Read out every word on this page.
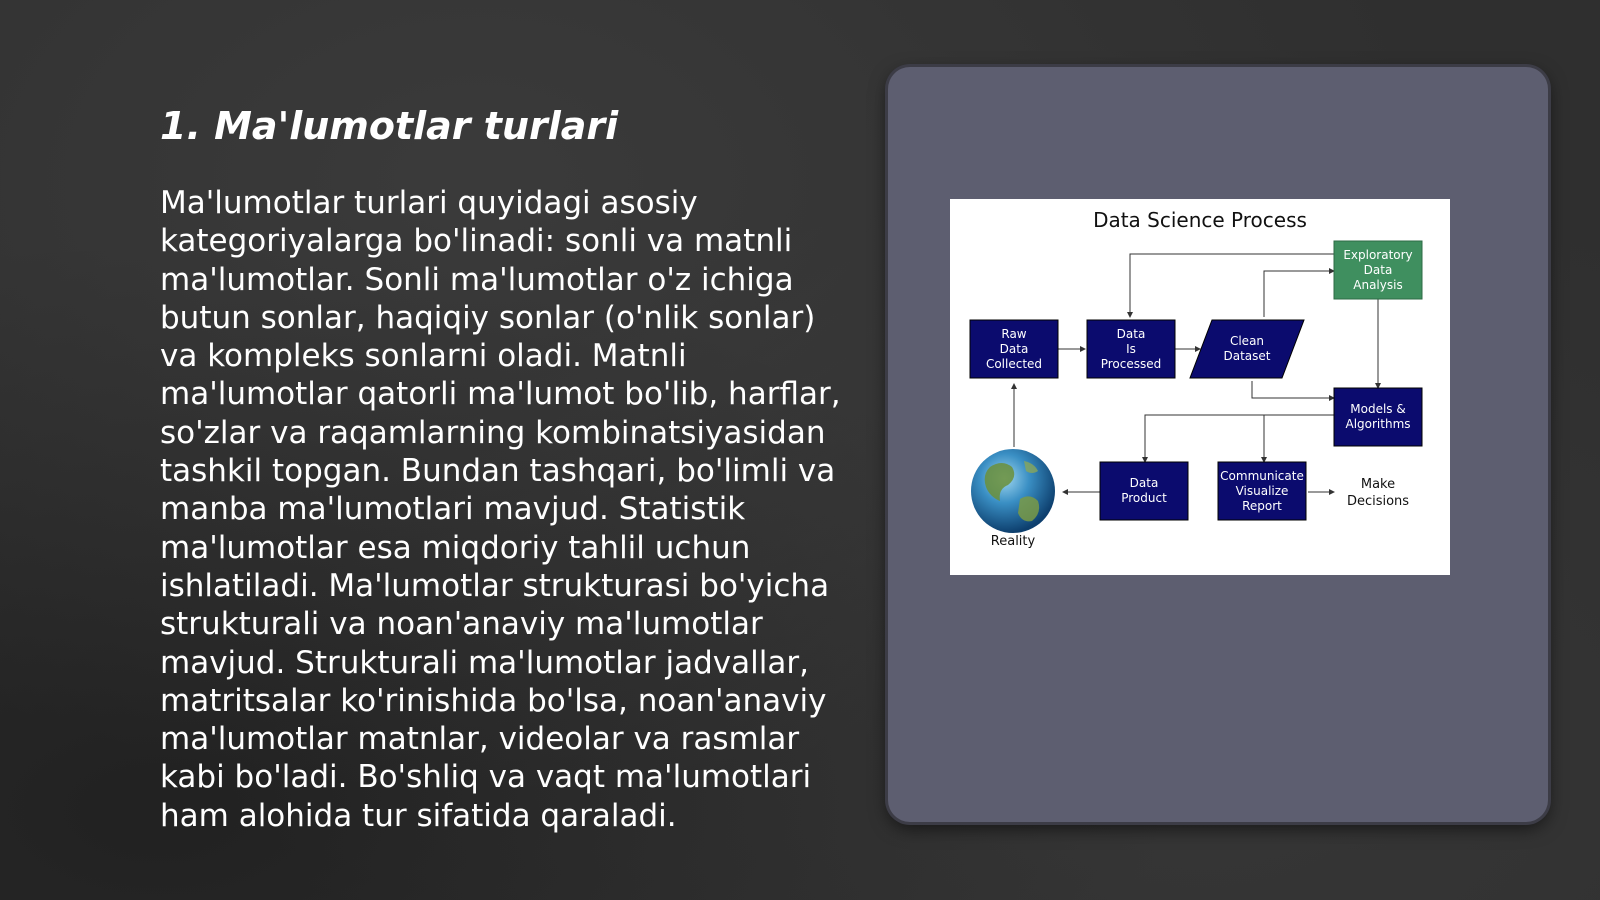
1. Ma'lumotlar turlari

Ma'lumotlar turlari quyidagi asosiy kategoriyalarga bo'linadi: sonli va matnli ma'lumotlar. Sonli ma'lumotlar o'z ichiga butun sonlar, haqiqiy sonlar (o'nlik sonlar) va kompleks sonlarni oladi. Matnli ma'lumotlar qatorli ma'lumot bo'lib, harflar, so'zlar va raqamlarning kombinatsiyasidan tashkil topgan. Bundan tashqari, bo'limli va manba ma'lumotlari mavjud. Statistik ma'lumotlar esa miqdoriy tahlil uchun ishlatiladi. Ma'lumotlar strukturasi bo'yicha strukturali va noan'anaviy ma'lumotlar mavjud. Strukturali ma'lumotlar jadvallar, matritsalar ko'rinishida bo'lsa, noan'anaviy ma'lumotlar matnlar, videolar va rasmlar kabi bo'ladi. Bo'shliq va vaqt ma'lumotlari ham alohida tur sifatida qaraladi.

Data Science Process
Raw
Data
Collected
Data
Is
Processed
Clean
Dataset
Exploratory
Data
Analysis
Models &
Algorithms
Data
Product
Communicate
Visualize
Report
Make
Decisions
Reality
